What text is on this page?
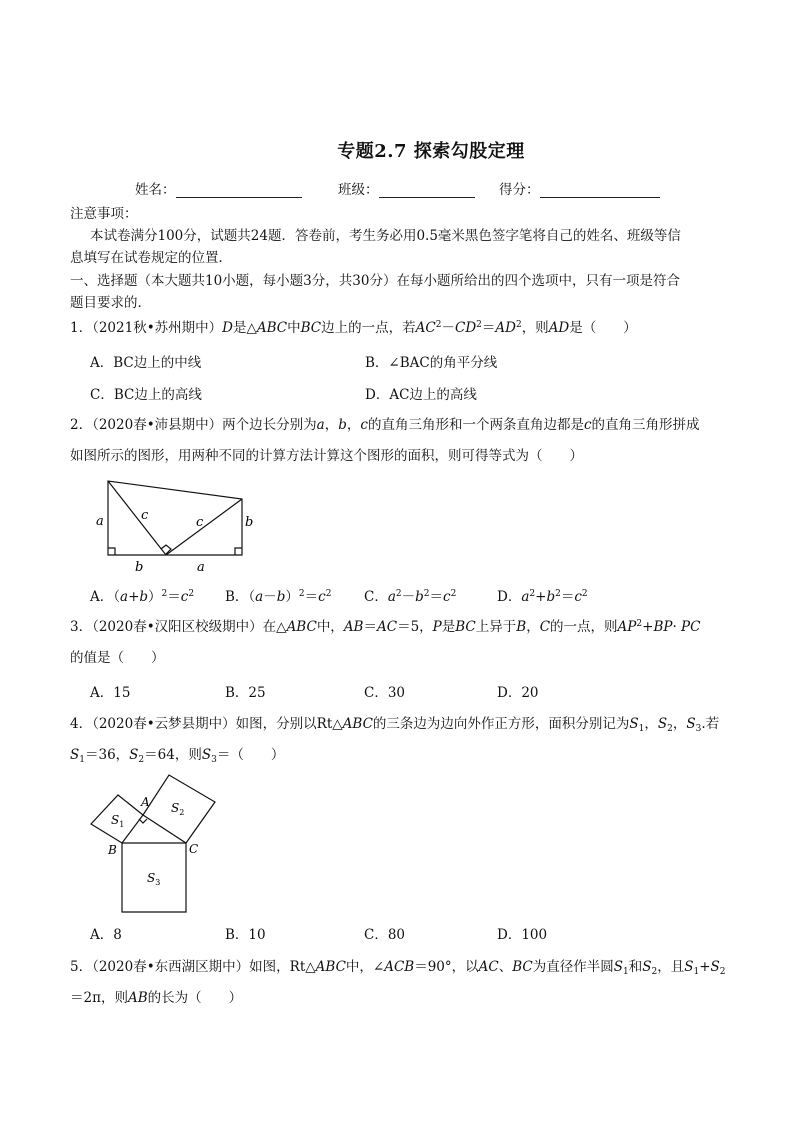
专题2.7 探索勾股定理
姓名：	班级：	得分：
注意事项：
本试卷满分100分，试题共24题．答卷前，考生务必用0.5毫米黑色签字笔将自己的姓名、班级等信
息填写在试卷规定的位置．
一、选择题（本大题共10小题，每小题3分，共30分）在每小题所给出的四个选项中，只有一项是符合
题目要求的．
1．（2021秋•苏州期中）D是△ABC中BC边上的一点，若$AC^2-CD^2=AD^2$，则AD是（　　）
A．BC边上的中线	B．∠BAC的角平分线
C．BC边上的高线	D．AC边上的高线
2．（2020春•沛县期中）两个边长分别为a，b，c的直角三角形和一个两条直角边都是c的直角三角形拼成
如图所示的图形，用两种不同的计算方法计算这个图形的面积，则可得等式为（　　）
a	c	c	b
b	a
A．$(a+b)^2=c^2$ B．$(a-b)^2=c^2$ C．$a^2-b^2=c^2$	D．$a^2+b^2=c^2$
3．（2020春•汉阳区校级期中）在△ABC中，AB＝AC＝5，P是BC上异于B，C的一点，则$AP^2+BP\cdot$ PC
的值是（　　）
A．15	B．25	C．30	D．20
4．（2020春•云梦县期中）如图，分别以Rt△ABC的三条边为边向外作正方形，面积分别记为$S_1$，$S_2$，$S_3$.若
$S_1=36$，$S_2=64$，则$S_3=$（　　）
A
B	C
$S_1$
$S_2$
$S_3$
A．8	B．10	C．80	D．100
5．（2020春•东西湖区期中）如图，Rt△ABC中，∠ACB＝90°，以AC、BC为直径作半圆$S_1$和$S_2$，且$S_1+S_2$
＝2π，则AB的长为（　　）
